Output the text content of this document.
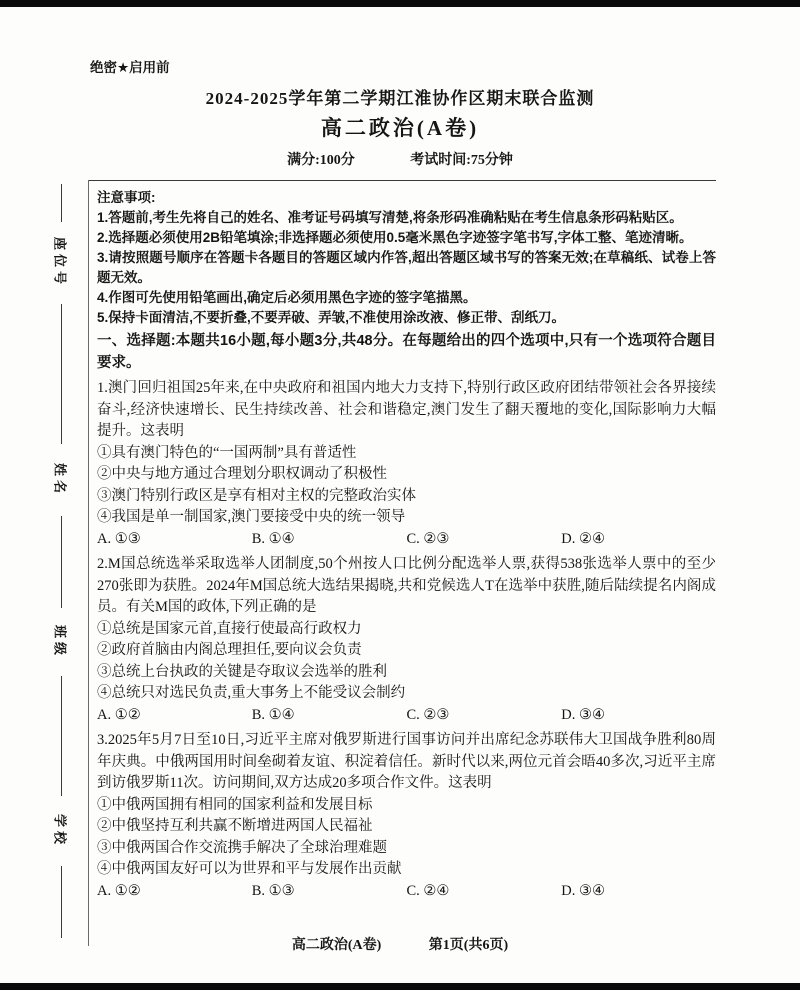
绝密★启用前
2024-2025学年第二学期江淮协作区期末联合监测
高二政治(A卷)
满分:100分	考试时间:75分钟
座位号
姓名
班级
学校
注意事项:
1.答题前,考生先将自己的姓名、准考证号码填写清楚,将条形码准确粘贴在考生信息条形码粘贴区。
2.选择题必须使用2B铅笔填涂;非选择题必须使用0.5毫米黑色字迹签字笔书写,字体工整、笔迹清晰。
3.请按照题号顺序在答题卡各题目的答题区域内作答,超出答题区域书写的答案无效;在草稿纸、试卷上答题无效。
4.作图可先使用铅笔画出,确定后必须用黑色字迹的签字笔描黑。
5.保持卡面清洁,不要折叠,不要弄破、弄皱,不准使用涂改液、修正带、刮纸刀。
一、选择题:本题共16小题,每小题3分,共48分。在每题给出的四个选项中,只有一个选项符合题目要求。
1.澳门回归祖国25年来,在中央政府和祖国内地大力支持下,特别行政区政府团结带领社会各界接续奋斗,经济快速增长、民生持续改善、社会和谐稳定,澳门发生了翻天覆地的变化,国际影响力大幅提升。这表明
①具有澳门特色的“一国两制”具有普适性
②中央与地方通过合理划分职权调动了积极性
③澳门特别行政区是享有相对主权的完整政治实体
④我国是单一制国家,澳门要接受中央的统一领导
A. ①③	B. ①④	C. ②③	D. ②④
2.M国总统选举采取选举人团制度,50个州按人口比例分配选举人票,获得538张选举人票中的至少270张即为获胜。2024年M国总统大选结果揭晓,共和党候选人T在选举中获胜,随后陆续提名内阁成员。有关M国的政体,下列正确的是
①总统是国家元首,直接行使最高行政权力
②政府首脑由内阁总理担任,要向议会负责
③总统上台执政的关键是夺取议会选举的胜利
④总统只对选民负责,重大事务上不能受议会制约
A. ①②	B. ①④	C. ②③	D. ③④
3.2025年5月7日至10日,习近平主席对俄罗斯进行国事访问并出席纪念苏联伟大卫国战争胜利80周年庆典。中俄两国用时间垒砌着友谊、积淀着信任。新时代以来,两位元首会晤40多次,习近平主席到访俄罗斯11次。访问期间,双方达成20多项合作文件。这表明
①中俄两国拥有相同的国家利益和发展目标
②中俄坚持互利共赢不断增进两国人民福祉
③中俄两国合作交流携手解决了全球治理难题
④中俄两国友好可以为世界和平与发展作出贡献
A. ①②	B. ①③	C. ②④	D. ③④
高二政治(A卷)	第1页(共6页)
